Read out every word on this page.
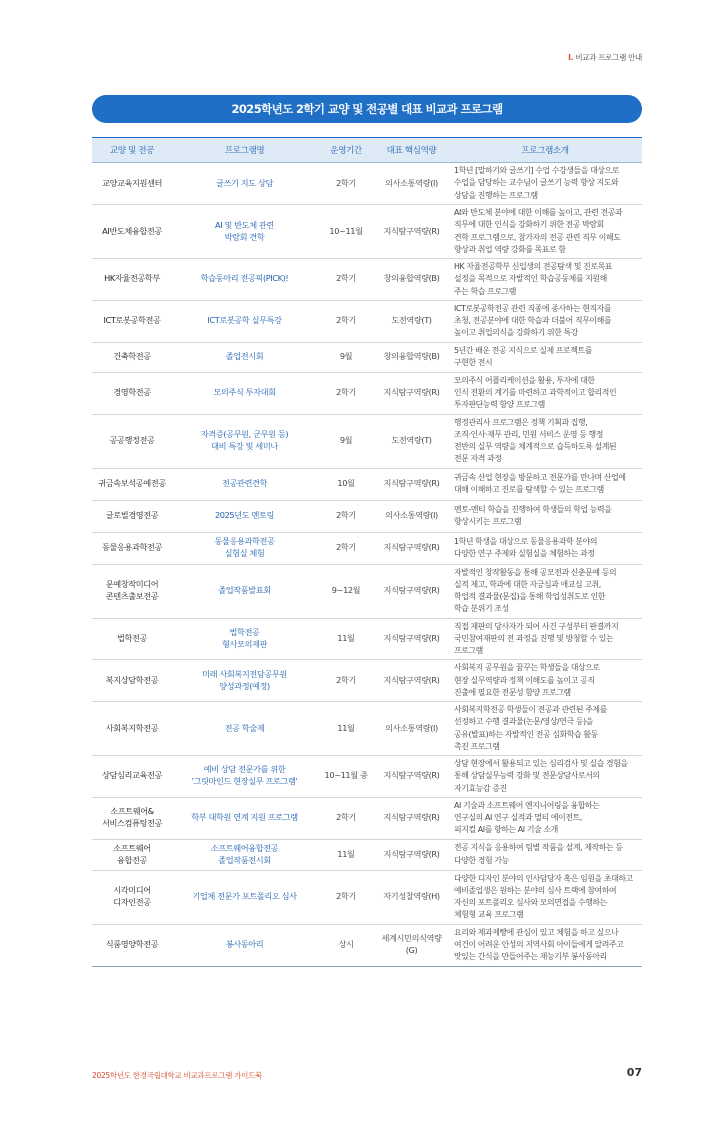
Ⅰ. 비교과 프로그램 안내
2025학년도 2학기 교양 및 전공별 대표 비교과 프로그램
교양 및 전공	프로그램명	운영기간	대표 핵심역량	프로그램소개

교양교육지원센터	글쓰기 지도 상담	2학기	의사소통역량(I)	1학년 [말하기와 글쓰기] 수업 수강생들을 대상으로
수업을 담당하는 교수님이 글쓰기 능력 향상 지도와
상담을 진행하는 프로그램

AI반도체융합전공	AI 및 반도체 관련
박람회 견학	10~11월	지식탐구역량(R)	AI와 반도체 분야에 대한 이해를 높이고, 관련 전공과
직무에 대한 인식을 강화하기 위한 전공 박람회
견학 프로그램으로, 참가자의 전공 관련 직무 이해도
향상과 취업 역량 강화를 목표로 함

HK자율전공학부	학습동아리 전공픽(PICK)!	2학기	창의융합역량(B)	HK 자율전공학부 신입생의 전공탐색 및 진로목표
설정을 목적으로 자발적인 학습공동체를 지원해
주는 학습 프로그램

ICT로봇공학전공	ICT로봇공학 실무특강	2학기	도전역량(T)	ICT로봇공학전공 관련 직종에 종사하는 현직자를
초청, 전공분야에 대한 학습과 더불어 직무이해를
높이고 취업의식을 강화하기 위한 특강

건축학전공	졸업전시회	9월	창의융합역량(B)	5년간 배운 전공 지식으로 실제 프로젝트를
구현한 전시

경영학전공	모의주식 투자대회	2학기	지식탐구역량(R)	모의주식 어플리케이션을 활용, 투자에 대한
인식 전환의 계기를 마련하고 과학적이고 합리적인
투자판단능력 함양 프로그램

공공행정전공	자격증(공무원, 군무원 등)
대비 특강 및 세미나	9월	도전역량(T)	행정관리사 프로그램은 정책 기획과 집행,
조직·인사·재무 관리, 민원 서비스 운영 등 행정
전반의 실무 역량을 체계적으로 습득하도록 설계된
전문 자격 과정

귀금속보석공예전공	전공관련견학	10월	지식탐구역량(R)	귀금속 산업 현장을 방문하고 전문가를 만나며 산업에
대해 이해하고 진로를 탐색할 수 있는 프로그램

글로벌경영전공	2025년도 멘토링	2학기	의사소통역량(I)	멘토-멘티 학습을 진행하여 학생들의 학업 능력을
향상시키는 프로그램

동물응용과학전공	동물응용과학전공
실험실 체험	2학기	지식탐구역량(R)	1학년 학생을 대상으로 동물응용과학 분야의
다양한 연구 주제와 실험실을 체험하는 과정

문예창작미디어
콘텐츠출보전공	졸업작품발표회	9~12월	지식탐구역량(R)	자발적인 창작활동을 통해 공모전과 신춘문예 등의
실적 제고, 학과에 대한 자긍심과 애교심 고취,
학업적 결과물(문집)을 통해 학업성취도로 인한
학습 분위기 조성

법학전공	법학전공
형사모의재판	11월	지식탐구역량(R)	직접 재판의 당사자가 되어 사건 구성부터 판결까지
국민참여재판의 전 과정을 진행 및 방청할 수 있는
프로그램

복지상담학전공	미래 사회복지전담공무원
양성과정(예정)	2학기	지식탐구역량(R)	사회복지 공무원을 꿈꾸는 학생들을 대상으로
현장 실무역량과 정책 이해도를 높이고 공직
진출에 필요한 전문성 함양 프로그램

사회복지학전공	전공 학술제	11월	의사소통역량(I)	사회복지학전공 학생들이 전공과 관련된 주제를
선정하고 수행 결과물(논문/영상/연극 등)을
공유(발표)하는 자발적인 전공 심화학습 활동
촉진 프로그램

상담심리교육전공	예비 상담 전문가를 위한
'그릿마인드 현장실무 프로그램'	10~11월 중	지식탐구역량(R)	상담 현장에서 활용되고 있는 심리검사 및 실습 경험을
통해 상담실무능력 강화 및 전문상담사로서의
자기효능감 증진

소프트웨어&
서비스컴퓨팅전공	학부 대학원 연계 지원 프로그램	2학기	지식탐구역량(R)	AI 기술과 소프트웨어 엔지니어링을 융합하는
연구실의 AI 연구 실적과 멀티 에이전트,
피지컬 AI를 향하는 AI 기술 소개

소프트웨어
융합전공	소프트웨어융합전공
졸업작품전시회	11월	지식탐구역량(R)	전공 지식을 응용하여 팀별 작품을 설계, 제작하는 등
다양한 경험 가능

시각미디어
디자인전공	기업체 전문가 포트폴리오 심사	2학기	자기성찰역량(H)	다양한 디자인 분야의 인사담당자 혹은 임원을 초대하고
예비졸업생은 원하는 분야의 심사 트랙에 참여하여
자신의 포트폴리오 심사와 모의면접을 수행하는
체험형 교육 프로그램

식품영양학전공	봉사동아리	상시	세계시민의식역량
(G)	요리와 제과제빵에 관심이 있고 체험을 하고 싶으나
여건이 어려운 안성의 지역사회 아이들에게 알려주고
맛있는 간식을 만들어주는 재능기부 봉사동아리
2025학년도 한경국립대학교 비교과프로그램 가이드북	07
